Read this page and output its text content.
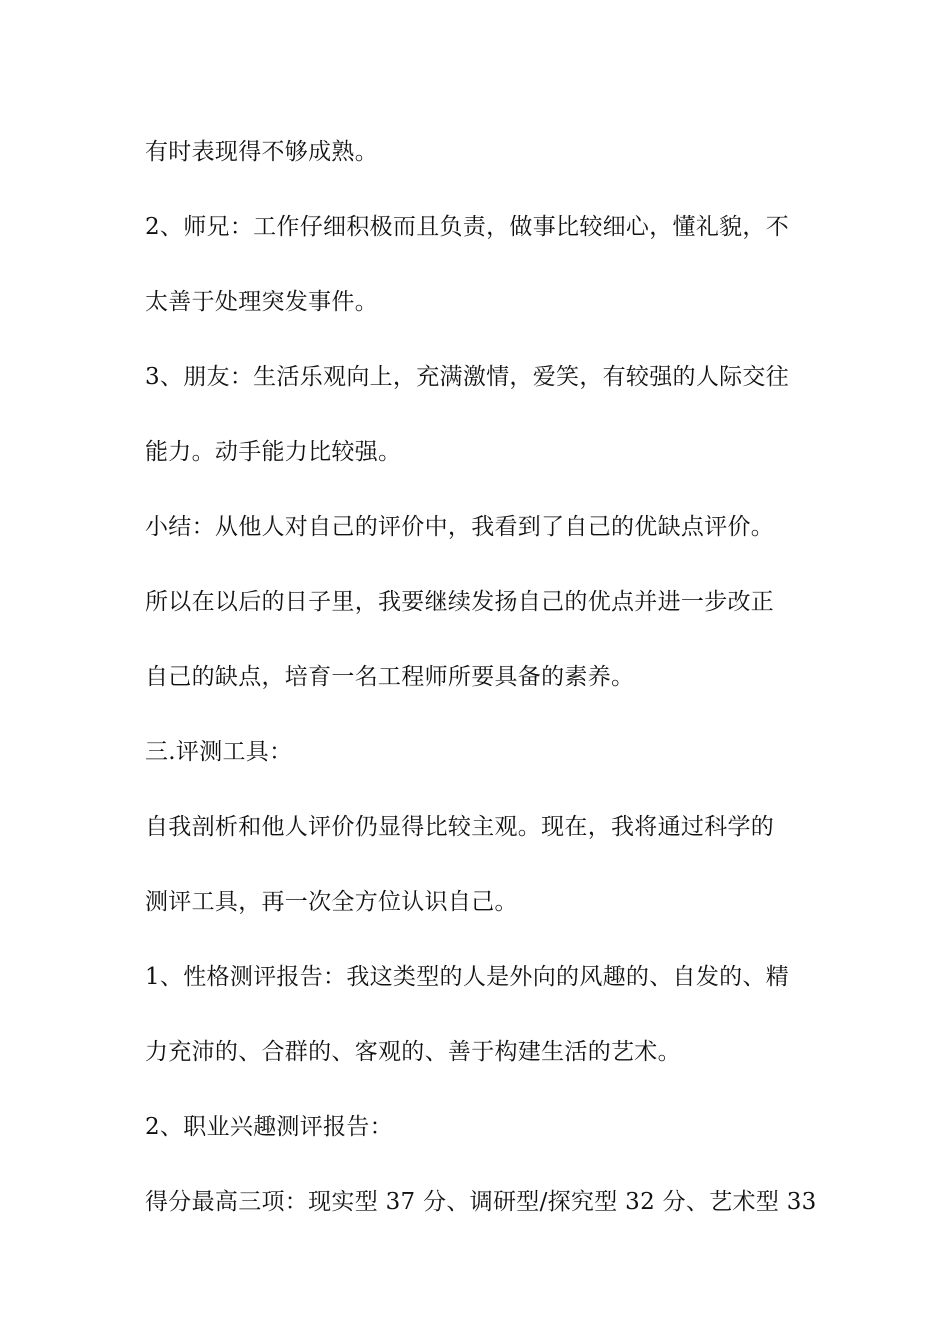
有时表现得不够成熟。
2、师兄：工作仔细积极而且负责，做事比较细心，懂礼貌，不
太善于处理突发事件。
3、朋友：生活乐观向上，充满激情，爱笑，有较强的人际交往
能力。动手能力比较强。
小结：从他人对自己的评价中，我看到了自己的优缺点评价。
所以在以后的日子里，我要继续发扬自己的优点并进一步改正
自己的缺点，培育一名工程师所要具备的素养。
三.评测工具：
自我剖析和他人评价仍显得比较主观。现在，我将通过科学的
测评工具，再一次全方位认识自己。
1、性格测评报告：我这类型的人是外向的风趣的、自发的、精
力充沛的、合群的、客观的、善于构建生活的艺术。
2、职业兴趣测评报告：
得分最高三项：现实型 37 分、调研型/探究型 32 分、艺术型 33
